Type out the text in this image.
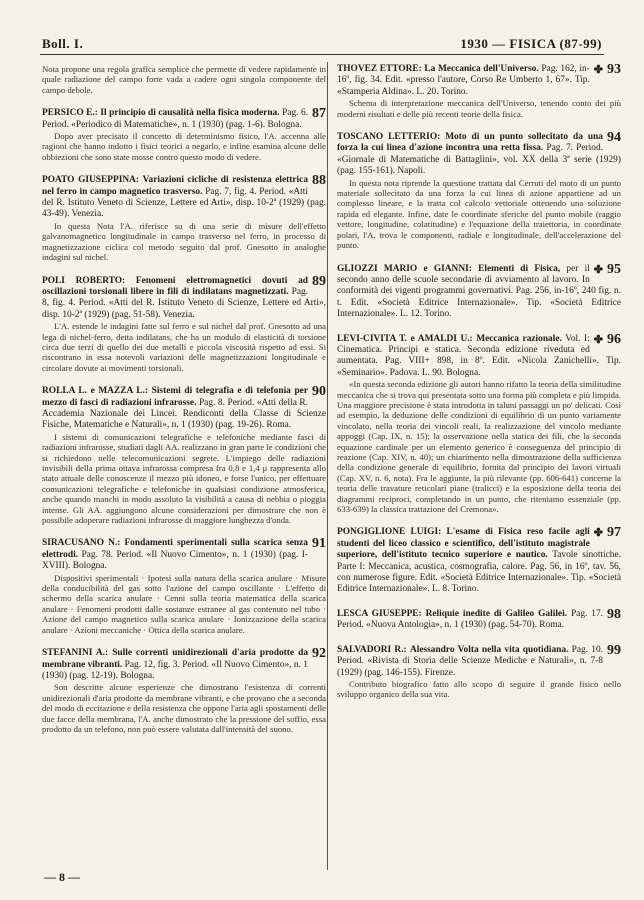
Boll. I.	1930 — FISICA (87-99)

Nota propone una regola grafica semplice che permette di vedere rapidamente in quale radiazione del campo forte vada a cadere ogni singola componente del campo debole.

87
PERSICO E.: Il principio di causalità nella fisica moderna. Pag. 6. Period. «Periodico di Matematiche», n. 1 (1930) (pag. 1-6). Bologna.

Dopo aver precisato il concetto di determinismo fisico, l'A. accenna alle ragioni che hanno indotto i fisici teorici a negarlo, e infine esamina alcune delle obbiezioni che sono state mosse contro questo modo di vedere.

88
POATO GIUSEPPINA: Variazioni cicliche di resistenza elettrica nel ferro in campo magnetico trasverso. Pag. 7, fig. 4. Period. «Atti del R. Istituto Veneto di Scienze, Lettere ed Arti», disp. 10-2ª (1929) (pag. 43-49). Venezia.

In questa Nota l'A. riferisce su di una serie di misure dell'effetto galvanomagnetico longitudinale in campo trasverso nel ferro, in processo di magnetizzazione ciclica col metodo seguito dal prof. Gnesotto in analoghe indagini sul nichel.

89
POLI ROBERTO: Fenomeni elettromagnetici dovuti ad oscillazioni torsionali libere in fili di indilatans magnetizzati. Pag. 8, fig. 4. Period. «Atti del R. Istituto Veneto di Scienze, Lettere ed Arti», disp. 10-2ª (1929) (pag. 51-58). Venezia.

L'A. estende le indagini fatte sul ferro e sul nichel dal prof. Gnesotto ad una lega di nichel-ferro, detta indilatans, che ha un modulo di elasticità di torsione circa due terzi di quello dei due metalli e piccola viscosità rispetto ad essi. Si riscontrano in essa notevoli variazioni delle magnetizzazioni longitudinale e circolare dovute ai movimenti torsionali.

90
ROLLA L. e MAZZA L.: Sistemi di telegrafia e di telefonia per mezzo di fasci di radiazioni infrarosse. Pag. 8. Period. «Atti della R. Accademia Nazionale dei Lincei. Rendiconti della Classe di Scienze Fisiche, Matematiche e Naturali», n. 1 (1930) (pag. 19-26). Roma.

I sistemi di comunicazioni telegrafiche e telefoniche mediante fasci di radiazioni infrarosse, studiati dagli AA. realizzano in gran parte le condizioni che si richiedono nelle telecomunicazioni segrete. L'impiego delle radiazioni invisibili della prima ottava infrarossa compresa fra 0,8 e 1,4 μ rappresenta allo stato attuale delle conoscenze il mezzo più idoneo, e forse l'unico, per effettuare comunicazioni telegrafiche e telefoniche in qualsiasi condizione atmosferica, anche quando manchi in modo assoluto la visibilità a causa di nebbia o pioggia intense. Gli AA. aggiungono alcune considerazioni per dimostrare che non è possibile adoperare radiazioni infrarosse di maggiore lunghezza d'onda.

91
SIRACUSANO N.: Fondamenti sperimentali sulla scarica senza elettrodi. Pag. 78. Period. «Il Nuovo Cimento», n. 1 (1930) (pag. I-XVIII). Bologna.

Dispositivi sperimentali · Ipotesi sulla natura della scarica anulare · Misure della conducibilità del gas sotto l'azione del campo oscillante · L'effetto di schermo della scarica anulare · Cenni sulla teoria matematica della scarica anulare · Fenomeni prodotti dalle sostanze estranee al gas contenuto nel tubo · Azione del campo magnetico sulla scarica anulare · Ionizzazione della scarica anulare · Azioni meccaniche · Ottica della scarica anulare.

92
STEFANINI A.: Sulle correnti unidirezionali d'aria prodotte da membrane vibranti. Pag. 12, fig. 3. Period. «Il Nuovo Cimento», n. 1 (1930) (pag. 12-19). Bologna.

Son descritte alcune esperienze che dimostrano l'esistenza di correnti unidirezionali d'aria prodotte da membrane vibranti, e che provano che a seconda del modo di eccitazione e della resistenza che oppone l'aria agli spostamenti delle due facce della membrana, l'A. anche dimostrato che la pressione del soffio, essa prodotto da un telefono, non può essere valutata dall'intensità del suono.

✤ 93
THOVEZ ETTORE: La Meccanica dell'Universo. Pag. 162, in-16º, fig. 34. Edit. «presso l'autore, Corso Re Umberto 1, 67». Tip. «Stamperia Aldina». L. 20. Torino.

Schema di interpretazione meccanica dell'Universo, tenendo conto dei più moderni risultati e delle più recenti teorie della fisica.

94
TOSCANO LETTERIO: Moto di un punto sollecitato da una forza la cui linea d'azione incontra una retta fissa. Pag. 7. Period. «Giornale di Matematiche di Battaglini», vol. XX della 3ª serie (1929) (pag. 155-161). Napoli.

In questa nota riprende la questione trattata dal Cerruti del moto di un punto materiale sollecitato da una forza la cui linea di azione appartiene ad un complesso lineare, e la tratta col calcolo vettoriale ottenendo una soluzione rapida ed elegante. Infine, date le coordinate sferiche del punto mobile (raggio vettore, longitudine, colatitudine) e l'equazione della traiettoria, in coordinate polari, l'A. trova le componenti, radiale e longitudinale, dell'accelerazione del punto.

✤ 95
GLIOZZI MARIO e GIANNI: Elementi di Fisica, per il secondo anno delle scuole secondarie di avviamento al lavoro. In conformità dei vigenti programmi governativi. Pag. 256, in-16º, 240 fig. n. t. Edit. «Società Editrice Internazionale». Tip. «Società Editrice Internazionale». L. 12. Torino.
✤ 96
LEVI-CIVITA T. e AMALDI U.: Meccanica razionale. Vol. I: Cinematica. Principi e statica. Seconda edizione riveduta ed aumentata. Pag. VIII+ 898, in 8º. Edit. «Nicola Zanichelli». Tip. «Seminario». Padova. L. 90. Bologna.

«In questa seconda edizione gli autori hanno rifatto la teoria della similitudine meccanica che si trova qui presentata sotto una forma più completa e più limpida. Una maggiore precisione è stata introdotta in taluni passaggi un po' delicati. Così ad esempio, la deduzione delle condizioni di equilibrio di un punto variamente vincolato, nella teoria dei vincoli reali, la realizzazione del vincolo mediante appoggi (Cap. IX, n. 15); la osservazione nella statica dei fili, che la seconda equazione cardinale per un elemento generico è conseguenza del principio di reazione (Cap. XIV, n. 40); un chiarimento nella dimostrazione della sufficienza della condizione generale di equilibrio, fornita dal principio dei lavori virtuali (Cap. XV, n. 6, nota). Fra le aggiunte, la più rilevante (pp. 606-641) concerne la teoria delle travature reticolari piane (tralicci) e la esposizione della teoria dei diagrammi reciproci, completando in un punto, che riteniamo essenziale (pp. 633-639) la classica trattazione del Cremona».

✤ 97
PONGIGLIONE LUIGI: L'esame di Fisica reso facile agli studenti del liceo classico e scientifico, dell'istituto magistrale superiore, dell'istituto tecnico superiore e nautico. Tavole sinottiche. Parte I: Meccanica, acustica, cosmografia, calore. Pag. 56, in 16º, tav. 56, con numerose figure. Edit. «Società Editrice Internazionale». Tip. «Società Editrice Internazionale». L. 8. Torino.
98
LESCA GIUSEPPE: Reliquie inedite di Galileo Galilei. Pag. 17. Period. «Nuova Antologia», n. 1 (1930) (pag. 54-70). Roma.
99
SALVADORI R.: Alessandro Volta nella vita quotidiana. Pag. 10. Period. «Rivista di Storia delle Scienze Mediche e Naturali», n. 7-8 (1929) (pag. 146-155). Firenze.

Contributo biografico fatto allo scopo di seguire il grande fisico nello sviluppo organico della sua vita.

— 8 —
